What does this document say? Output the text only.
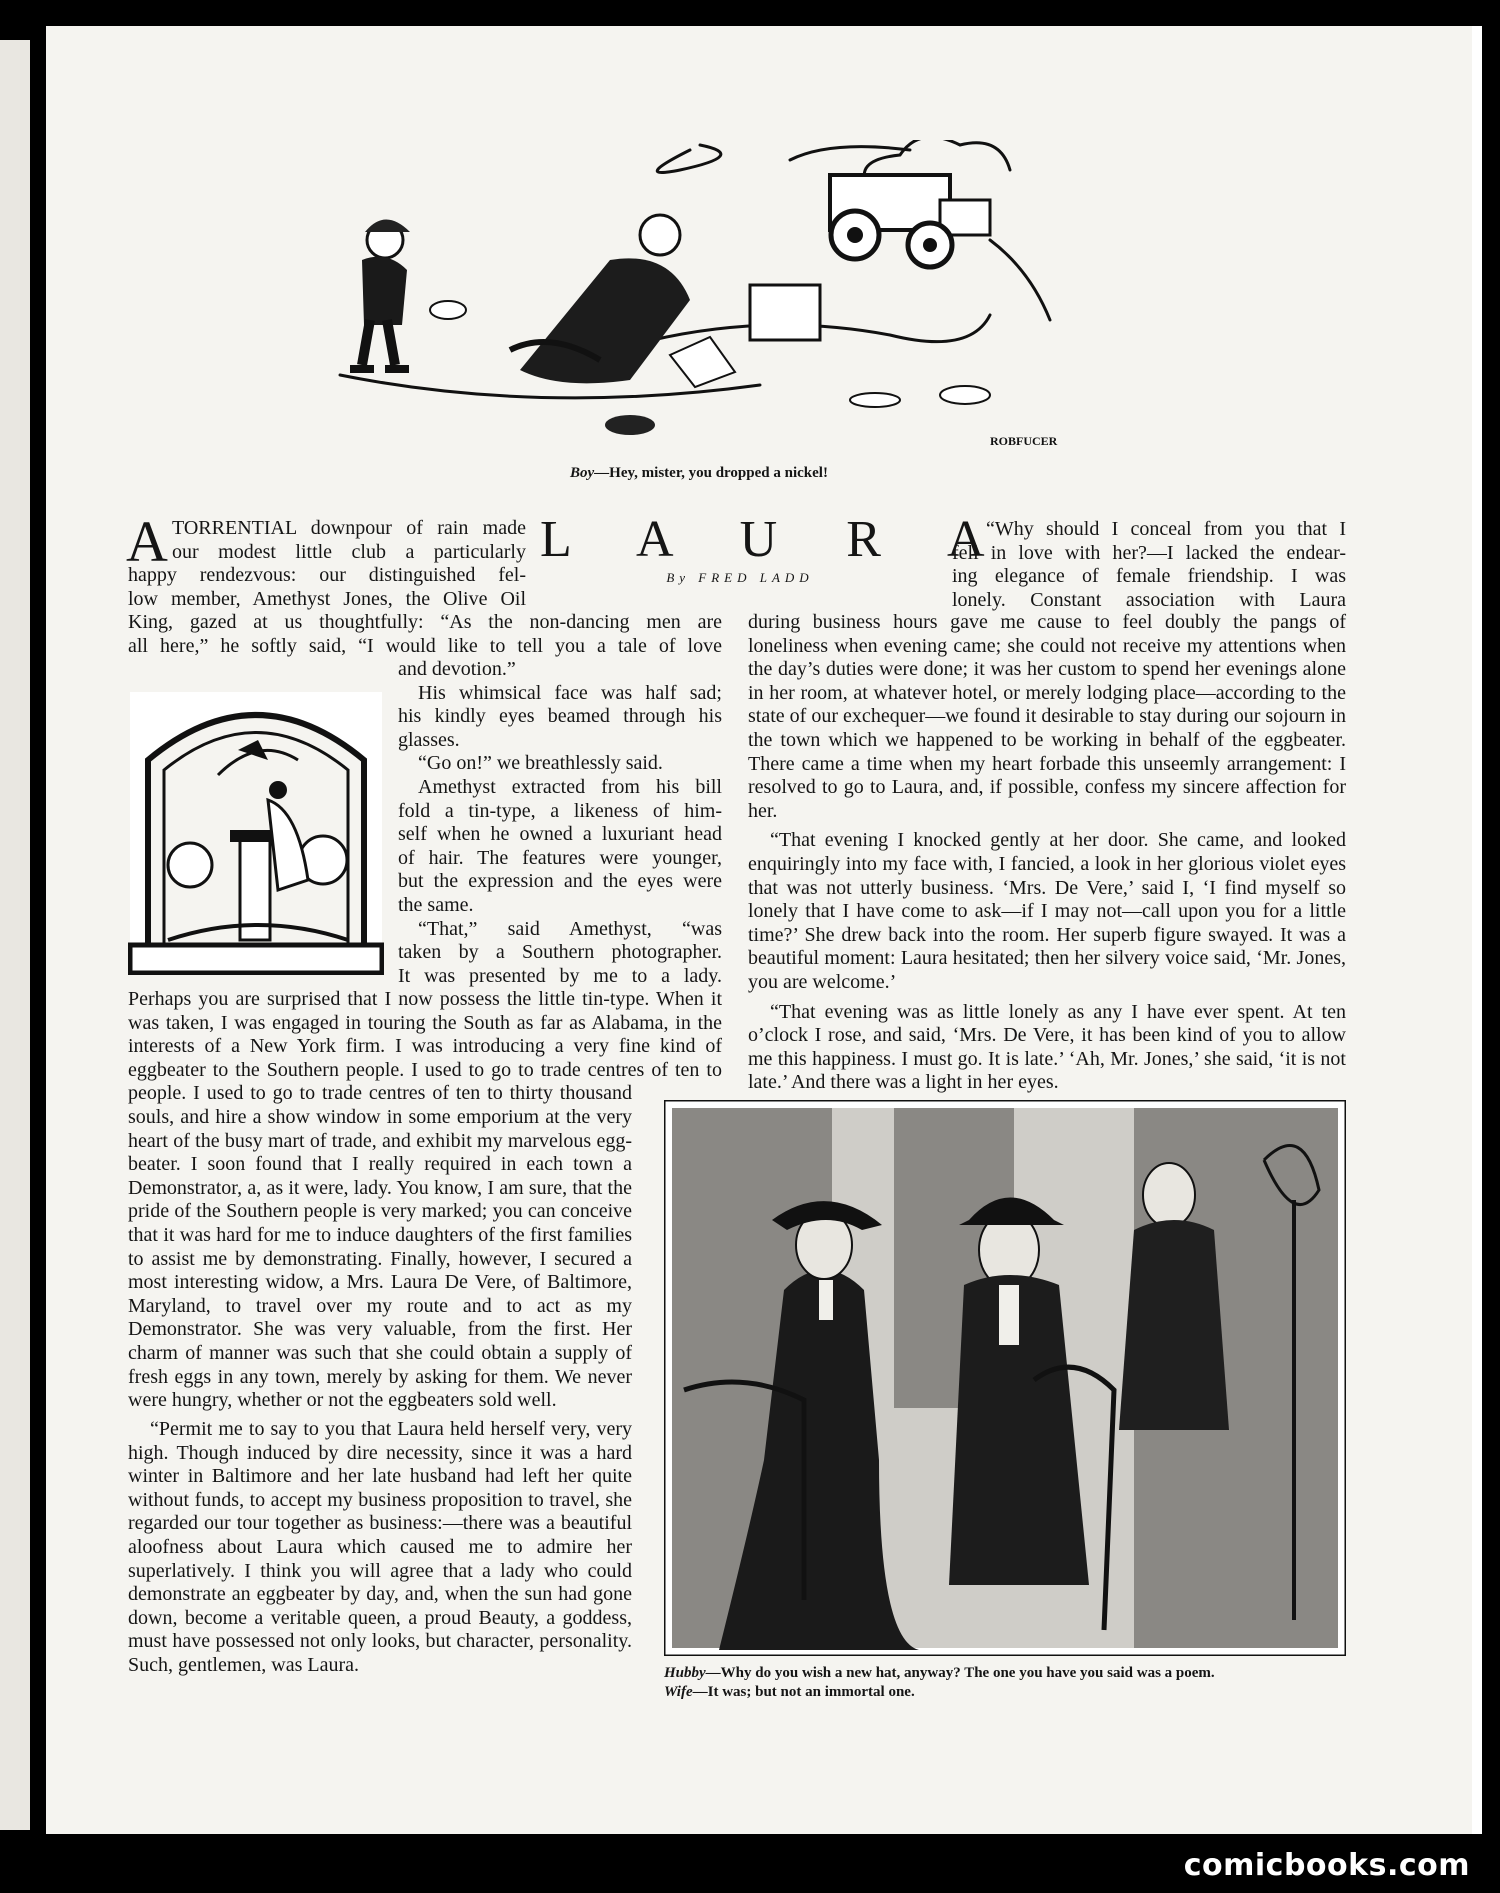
ROBFUCER
Boy—Hey, mister, you dropped a nickel!
L A U R A
By FRED LADD
A TORRENTIAL downpour of rain made
our modest little club a particularly
happy rendezvous: our distinguished fel-
low member, Amethyst Jones, the Olive Oil
King, gazed at us thoughtfully: “As the non-dancing men are
all here,” he softly said, “I would like to tell you a tale of love
and devotion.”
His whimsical face was half sad;
his kindly eyes beamed through his
glasses.
“Go on!” we breathlessly said.
Amethyst extracted from his bill
fold a tin-type, a likeness of him-
self when he owned a luxuriant head
of hair. The features were younger,
but the expression and the eyes were
the same.
“That,” said Amethyst, “was
taken by a Southern photographer.
It was presented by me to a lady.

Perhaps you are surprised that I now possess the little tin-type. When it was taken, I was engaged in touring the South as far as Alabama, in the interests of a New York firm. I was introducing a very fine kind of eggbeater to the Southern people. I used to go to trade centres of ten to

people. I used to go to trade centres of ten to thirty thousand souls, and hire a show window in some emporium at the very heart of the busy mart of trade, and exhibit my marvelous egg-beater. I soon found that I really required in each town a Demonstrator, a, as it were, lady. You know, I am sure, that the pride of the Southern people is very marked; you can conceive that it was hard for me to induce daughters of the first families to assist me by demonstrating. Finally, however, I secured a most interesting widow, a Mrs. Laura De Vere, of Baltimore, Maryland, to travel over my route and to act as my Demonstrator. She was very valuable, from the first. Her charm of manner was such that she could obtain a supply of fresh eggs in any town, merely by asking for them. We never were hungry, whether or not the eggbeaters sold well.

“Permit me to say to you that Laura held herself very, very high. Though induced by dire necessity, since it was a hard winter in Baltimore and her late husband had left her quite without funds, to accept my business proposition to travel, she regarded our tour together as business:—there was a beautiful aloofness about Laura which caused me to admire her superlatively. I think you will agree that a lady who could demonstrate an eggbeater by day, and, when the sun had gone down, become a veritable queen, a proud Beauty, a goddess, must have possessed not only looks, but character, personality. Such, gentlemen, was Laura.

“Why should I conceal from you that I
fell in love with her?—I lacked the endear-
ing elegance of female friendship. I was
lonely. Constant association with Laura

during business hours gave me cause to feel doubly the pangs of loneliness when evening came; she could not receive my attentions when the day’s duties were done; it was her custom to spend her evenings alone in her room, at whatever hotel, or merely lodging place—according to the state of our exchequer—we found it desirable to stay during our sojourn in the town which we happened to be working in behalf of the eggbeater. There came a time when my heart forbade this unseemly arrangement: I resolved to go to Laura, and, if possible, confess my sincere affection for her.

“That evening I knocked gently at her door. She came, and looked enquiringly into my face with, I fancied, a look in her glorious violet eyes that was not utterly business. ‘Mrs. De Vere,’ said I, ‘I find myself so lonely that I have come to ask—if I may not—call upon you for a little time?’ She drew back into the room. Her superb figure swayed. It was a beautiful moment: Laura hesitated; then her silvery voice said, ‘Mr. Jones, you are welcome.’

“That evening was as little lonely as any I have ever spent. At ten o’clock I rose, and said, ‘Mrs. De Vere, it has been kind of you to allow me this happiness. I must go. It is late.’ ‘Ah, Mr. Jones,’ she said, ‘it is not late.’ And there was a light in her eyes.

Hubby—Why do you wish a new hat, anyway? The one you have you said was a poem.
Wife—It was; but not an immortal one.
comicbooks.com
